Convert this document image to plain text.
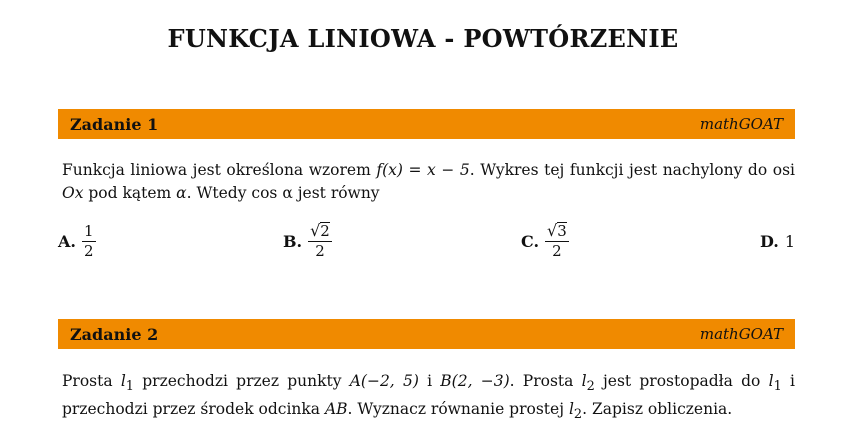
FUNKCJA LINIOWA - POWTÓRZENIE
Zadanie 1	mathGOAT
Funkcja liniowa jest określona wzorem f(x) = x − 5. Wykres tej funkcji jest nachylony do osi Ox pod kątem α. Wtedy cos α jest równy
A. $\frac{1}{2}$	B. $\frac{√ 2}{2}$	C. $\frac{√ 3}{2}$	D. 1
Zadanie 2	mathGOAT
Prosta $l_1$ przechodzi przez punkty A(−2, 5) i B(2, −3). Prosta $l_2$ jest prostopadła do $l_1$ i przechodzi przez środek odcinka AB. Wyznacz równanie prostej $l_2$. Zapisz obliczenia.
